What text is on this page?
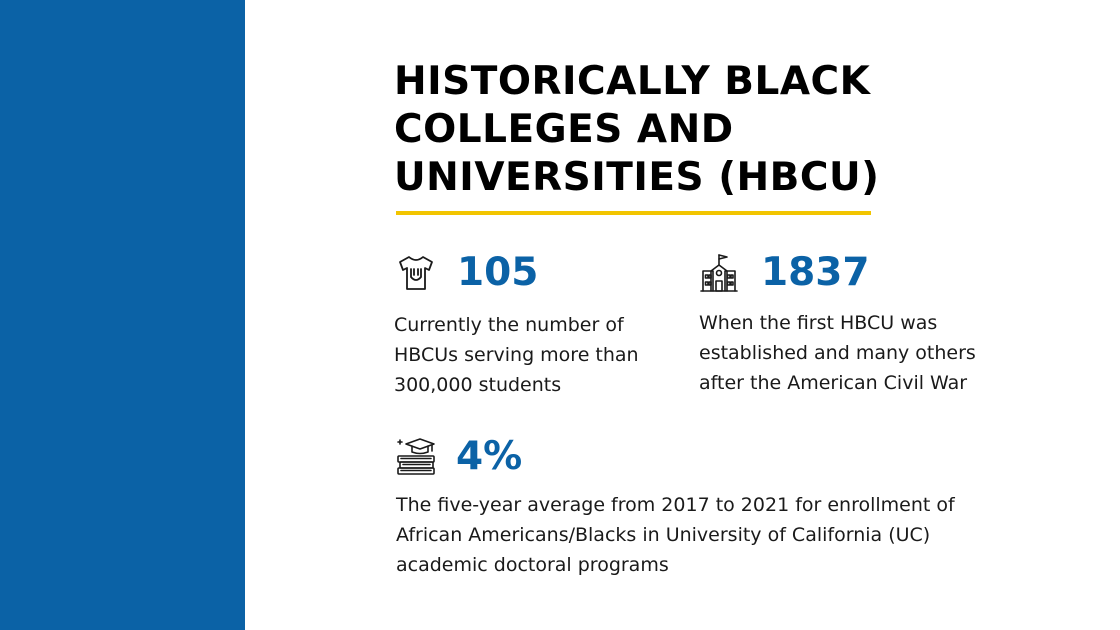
HISTORICALLY BLACK
COLLEGES AND
UNIVERSITIES (HBCU)
105
Currently the number of
HBCUs serving more than
300,000 students
1837
When the first HBCU was
established and many others
after the American Civil War
4%
The five-year average from 2017 to 2021 for enrollment of
African Americans/Blacks in University of California (UC)
academic doctoral programs
